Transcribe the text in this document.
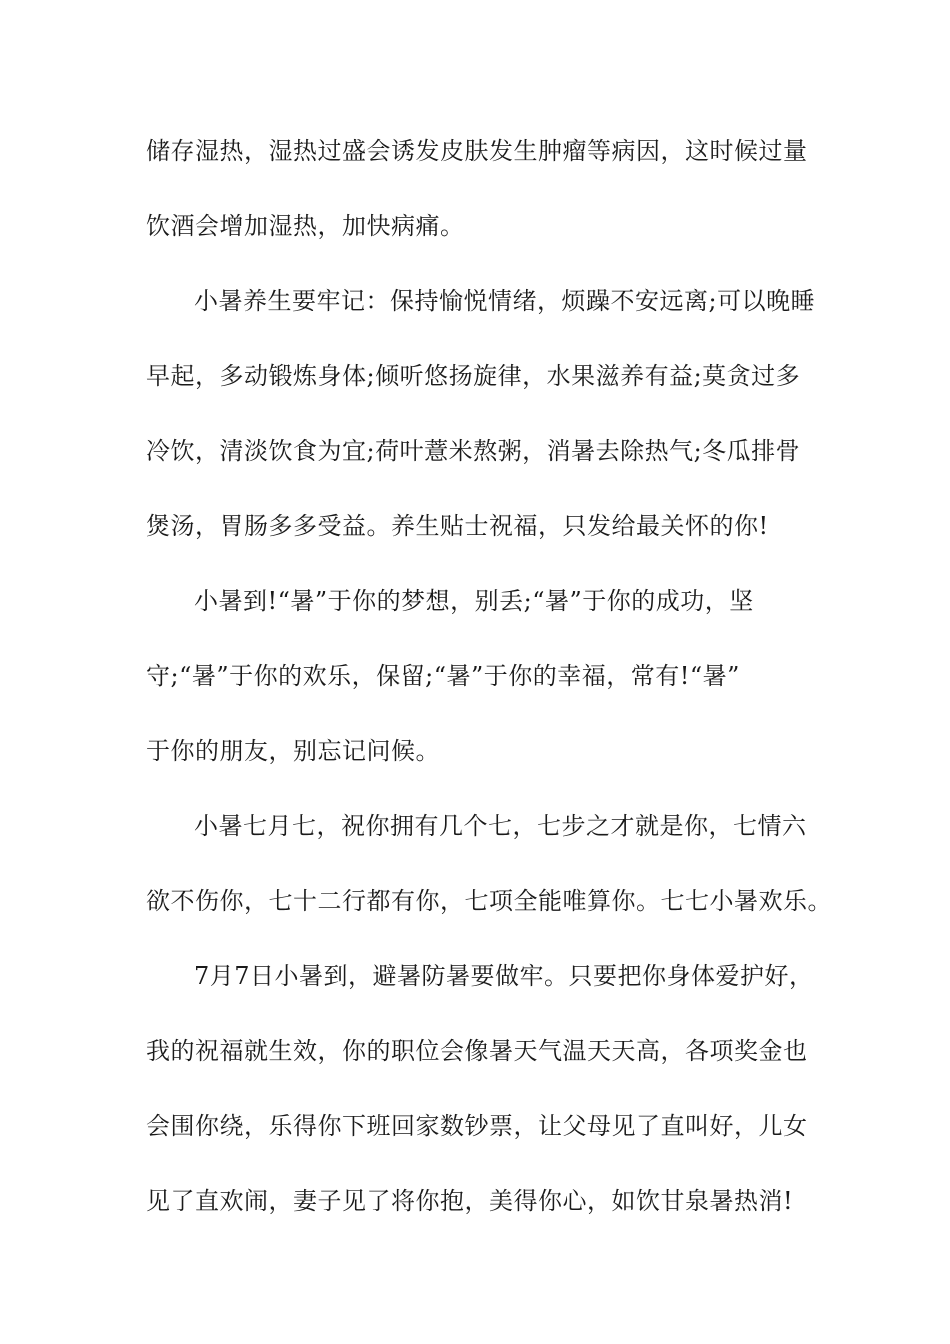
储存湿热，湿热过盛会诱发皮肤发生肿瘤等病因，这时候过量
饮酒会增加湿热，加快病痛。
小暑养生要牢记：保持愉悦情绪，烦躁不安远离;可以晚睡
早起，多动锻炼身体;倾听悠扬旋律，水果滋养有益;莫贪过多
冷饮，清淡饮食为宜;荷叶薏米熬粥，消暑去除热气;冬瓜排骨
煲汤，胃肠多多受益。养生贴士祝福，只发给最关怀的你!
小暑到!“暑”于你的梦想，别丢;“暑”于你的成功，坚
守;“暑”于你的欢乐，保留;“暑”于你的幸福，常有!“暑”
于你的朋友，别忘记问候。
小暑七月七，祝你拥有几个七，七步之才就是你，七情六
欲不伤你，七十二行都有你，七项全能唯算你。七七小暑欢乐。
7月7日小暑到，避暑防暑要做牢。只要把你身体爱护好，
我的祝福就生效，你的职位会像暑天气温天天高，各项奖金也
会围你绕，乐得你下班回家数钞票，让父母见了直叫好，儿女
见了直欢闹，妻子见了将你抱，美得你心，如饮甘泉暑热消!
